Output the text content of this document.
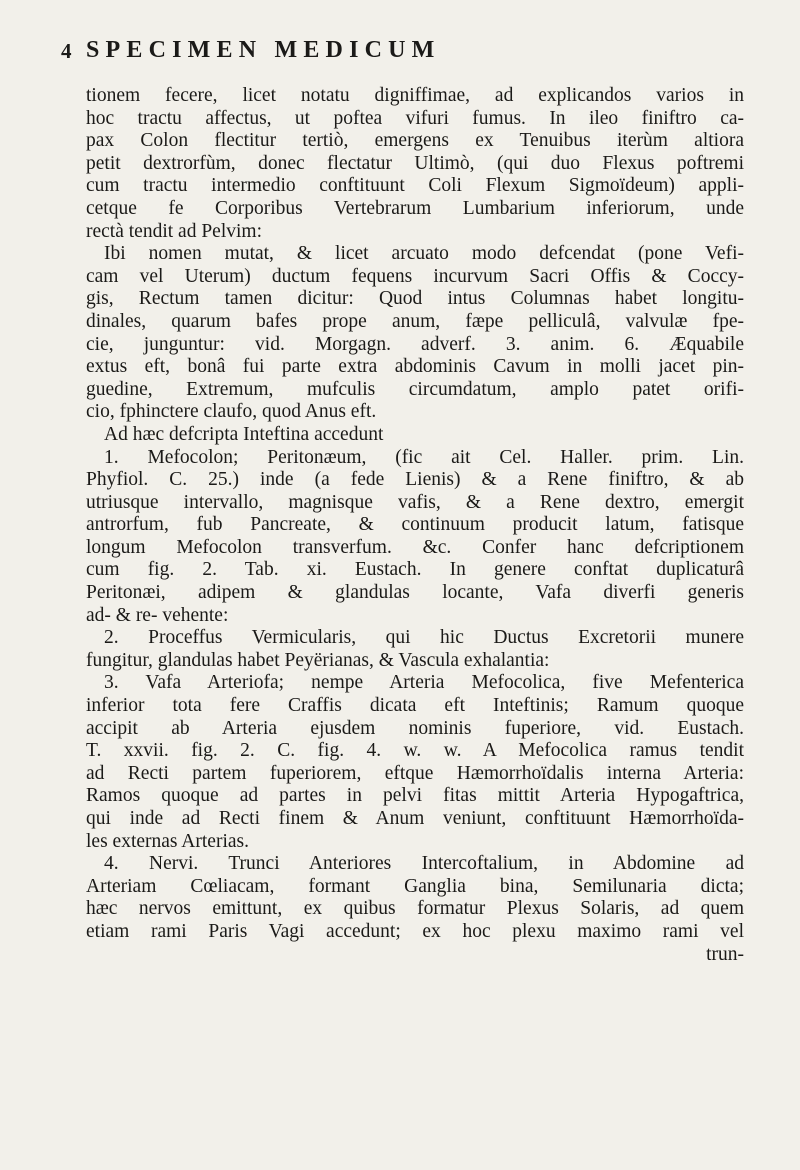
4 SPECIMEN MEDICUM
tionem fecere, licet notatu digniffimae, ad explicandos varios in
hoc tractu affectus, ut poftea vifuri fumus. In ileo finiftro ca-
pax Colon flectitur tertiò, emergens ex Tenuibus iterùm altiora
petit dextrorfùm, donec flectatur Ultimò, (qui duo Flexus poftremi
cum tractu intermedio conftituunt Coli Flexum Sigmoïdeum) appli-
cetque fe Corporibus Vertebrarum Lumbarium inferiorum, unde
rectà tendit ad Pelvim:
Ibi nomen mutat, & licet arcuato modo defcendat (pone Vefi-
cam vel Uterum) ductum fequens incurvum Sacri Offis & Coccy-
gis, Rectum tamen dicitur: Quod intus Columnas habet longitu-
dinales, quarum bafes prope anum, fæpe pelliculâ, valvulæ fpe-
cie, junguntur: vid. Morgagn. adverf. 3. anim. 6. Æquabile
extus eft, bonâ fui parte extra abdominis Cavum in molli jacet pin-
guedine, Extremum, mufculis circumdatum, amplo patet orifi-
cio, fphinctere claufo, quod Anus eft.
Ad hæc defcripta Inteftina accedunt
1. Mefocolon; Peritonæum, (fic ait Cel. Haller. prim. Lin.
Phyfiol. C. 25.) inde (a fede Lienis) & a Rene finiftro, & ab
utriusque intervallo, magnisque vafis, & a Rene dextro, emergit
antrorfum, fub Pancreate, & continuum producit latum, fatisque
longum Mefocolon transverfum. &c. Confer hanc defcriptionem
cum fig. 2. Tab. xi. Eustach. In genere conftat duplicaturâ
Peritonæi, adipem & glandulas locante, Vafa diverfi generis
ad- & re- vehente:
2. Proceffus Vermicularis, qui hic Ductus Excretorii munere
fungitur, glandulas habet Peyërianas, & Vascula exhalantia:
3. Vafa Arteriofa; nempe Arteria Mefocolica, five Mefenterica
inferior tota fere Craffis dicata eft Inteftinis; Ramum quoque
accipit ab Arteria ejusdem nominis fuperiore, vid. Eustach.
T. xxvii. fig. 2. C. fig. 4. w. w. A Mefocolica ramus tendit
ad Recti partem fuperiorem, eftque Hæmorrhoïdalis interna Arteria:
Ramos quoque ad partes in pelvi fitas mittit Arteria Hypogaftrica,
qui inde ad Recti finem & Anum veniunt, conftituunt Hæmorrhoïda-
les externas Arterias.
4. Nervi. Trunci Anteriores Intercoftalium, in Abdomine ad
Arteriam Cœliacam, formant Ganglia bina, Semilunaria dicta;
hæc nervos emittunt, ex quibus formatur Plexus Solaris, ad quem
etiam rami Paris Vagi accedunt; ex hoc plexu maximo rami vel
trun-
